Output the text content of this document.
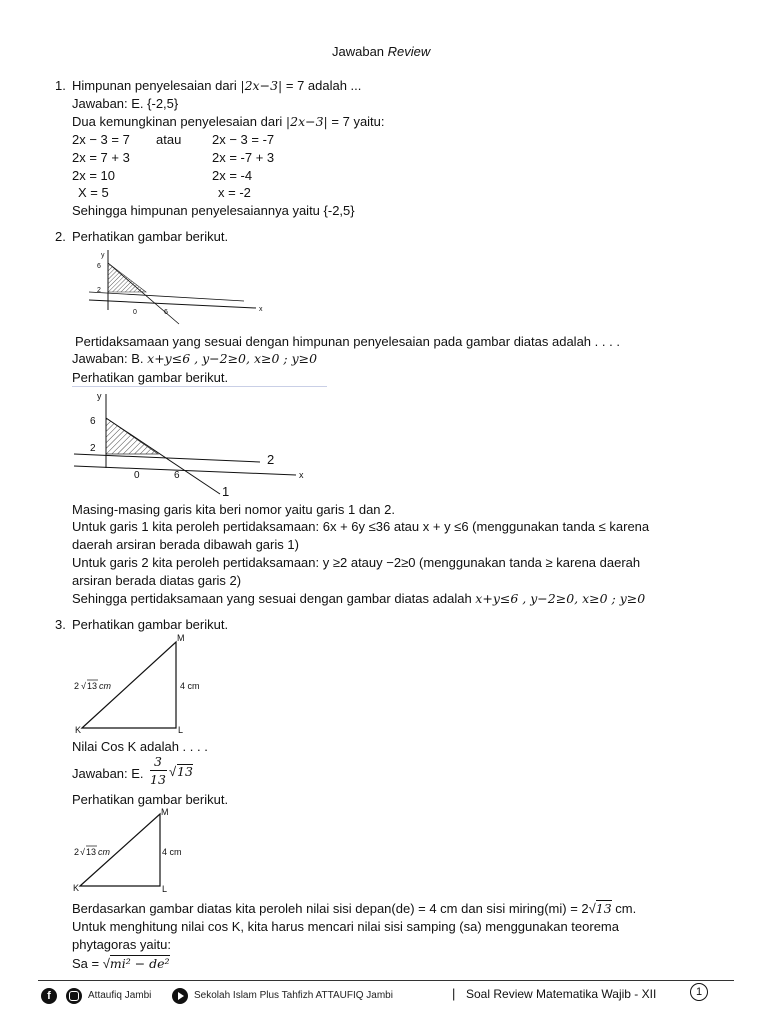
Jawaban Review
1. Himpunan penyelesaian dari |2x−3| = 7 adalah ...
Jawaban: E. {-2,5}
Dua kemungkinan penyelesaian dari |2x−3| = 7 yaitu:
2x − 3 = 7 atau 2x − 3 = -7
2x = 7 + 3	2x = -7 + 3
2x = 10	2x = -4
X = 5	x = -2
Sehingga himpunan penyelesaiannya yaitu {-2,5}
2. Perhatikan gambar berikut.
y
6
2
0	6	x
Pertidaksamaan yang sesuai dengan himpunan penyelesaian pada gambar diatas adalah . . . .
Jawaban: B. x+y≤6 , y−2≥0, x≥0 ; y≥0
Perhatikan gambar berikut.
y
6
2
0	6	x
2
1
Masing-masing garis kita beri nomor yaitu garis 1 dan 2.
Untuk garis 1 kita peroleh pertidaksamaan: 6x + 6y ≤36 atau x + y ≤6 (menggunakan tanda ≤ karena
daerah arsiran berada dibawah garis 1)
Untuk garis 2 kita peroleh pertidaksamaan: y ≥2 atauy −2≥0 (menggunakan tanda ≥ karena daerah
arsiran berada diatas garis 2)
Sehingga pertidaksamaan yang sesuai dengan gambar diatas adalah x+y≤6 , y−2≥0, x≥0 ; y≥0
3. Perhatikan gambar berikut.
M
K	L
4 cm
2 √ 13 cm
Nilai Cos K adalah . . . .
Jawaban: E.
3
13
√ 13
Perhatikan gambar berikut.
M
K	L
4 cm
2 √ 13 cm
Berdasarkan gambar diatas kita peroleh nilai sisi depan(de) = 4 cm dan sisi miring(mi) = 2√13 cm.
Untuk menghitung nilai cos K, kita harus mencari nilai sisi samping (sa) menggunakan teorema
phytagoras yaitu:
Sa = √mi² − de²
f	Attaufiq Jambi	Sekolah Islam Plus Tahfizh ATTAUFIQ Jambi	| Soal Review Matematika Wajib - XII	1
